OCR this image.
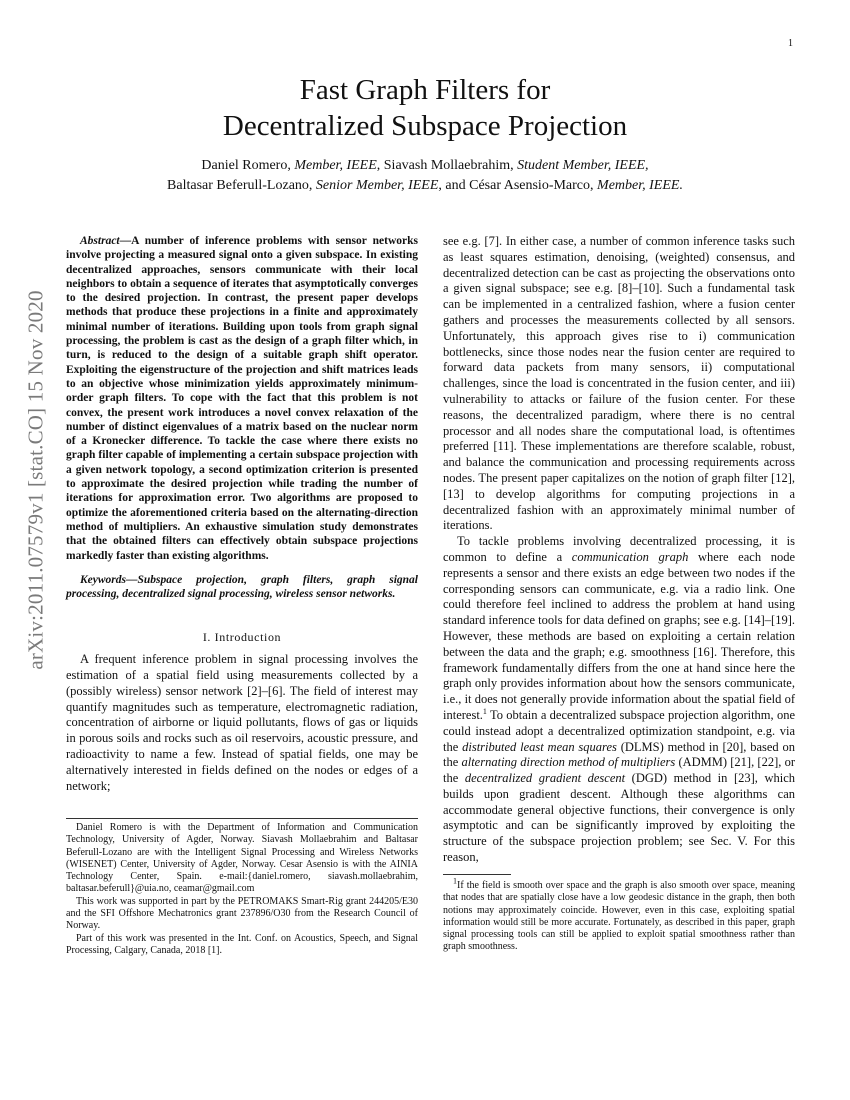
1
Fast Graph Filters for
Decentralized Subspace Projection
Daniel Romero, Member, IEEE, Siavash Mollaebrahim, Student Member, IEEE,
Baltasar Beferull-Lozano, Senior Member, IEEE, and César Asensio-Marco, Member, IEEE.
arXiv:2011.07579v1 [stat.CO] 15 Nov 2020

Abstract—A number of inference problems with sensor networks involve projecting a measured signal onto a given subspace. In existing decentralized approaches, sensors communicate with their local neighbors to obtain a sequence of iterates that asymptotically converges to the desired projection. In contrast, the present paper develops methods that produce these projections in a finite and approximately minimal number of iterations. Building upon tools from graph signal processing, the problem is cast as the design of a graph filter which, in turn, is reduced to the design of a suitable graph shift operator. Exploiting the eigenstructure of the projection and shift matrices leads to an objective whose minimization yields approximately minimum-order graph filters. To cope with the fact that this problem is not convex, the present work introduces a novel convex relaxation of the number of distinct eigenvalues of a matrix based on the nuclear norm of a Kronecker difference. To tackle the case where there exists no graph filter capable of implementing a certain subspace projection with a given network topology, a second optimization criterion is presented to approximate the desired projection while trading the number of iterations for approximation error. Two algorithms are proposed to optimize the aforementioned criteria based on the alternating-direction method of multipliers. An exhaustive simulation study demonstrates that the obtained filters can effectively obtain subspace projections markedly faster than existing algorithms.

Keywords—Subspace projection, graph filters, graph signal processing, decentralized signal processing, wireless sensor networks.

I. Introduction

A frequent inference problem in signal processing involves the estimation of a spatial field using measurements collected by a (possibly wireless) sensor network [2]–[6]. The field of interest may quantify magnitudes such as temperature, electromagnetic radiation, concentration of airborne or liquid pollutants, flows of gas or liquids in porous soils and rocks such as oil reservoirs, acoustic pressure, and radioactivity to name a few. Instead of spatial fields, one may be alternatively interested in fields defined on the nodes or edges of a network;

Daniel Romero is with the Department of Information and Communication Technology, University of Agder, Norway. Siavash Mollaebrahim and Baltasar Beferull-Lozano are with the Intelligent Signal Processing and Wireless Networks (WISENET) Center, University of Agder, Norway. Cesar Asensio is with the AINIA Technology Center, Spain. e-mail:{daniel.romero, siavash.mollaebrahim, baltasar.beferull}@uia.no, ceamar@gmail.com

This work was supported in part by the PETROMAKS Smart-Rig grant 244205/E30 and the SFI Offshore Mechatronics grant 237896/O30 from the Research Council of Norway.

Part of this work was presented in the Int. Conf. on Acoustics, Speech, and Signal Processing, Calgary, Canada, 2018 [1].

see e.g. [7]. In either case, a number of common inference tasks such as least squares estimation, denoising, (weighted) consensus, and decentralized detection can be cast as projecting the observations onto a given signal subspace; see e.g. [8]–[10]. Such a fundamental task can be implemented in a centralized fashion, where a fusion center gathers and processes the measurements collected by all sensors. Unfortunately, this approach gives rise to i) communication bottlenecks, since those nodes near the fusion center are required to forward data packets from many sensors, ii) computational challenges, since the load is concentrated in the fusion center, and iii) vulnerability to attacks or failure of the fusion center. For these reasons, the decentralized paradigm, where there is no central processor and all nodes share the computational load, is oftentimes preferred [11]. These implementations are therefore scalable, robust, and balance the communication and processing requirements across nodes. The present paper capitalizes on the notion of graph filter [12], [13] to develop algorithms for computing projections in a decentralized fashion with an approximately minimal number of iterations.

To tackle problems involving decentralized processing, it is common to define a communication graph where each node represents a sensor and there exists an edge between two nodes if the corresponding sensors can communicate, e.g. via a radio link. One could therefore feel inclined to address the problem at hand using standard inference tools for data defined on graphs; see e.g. [14]–[19]. However, these methods are based on exploiting a certain relation between the data and the graph; e.g. smoothness [16]. Therefore, this framework fundamentally differs from the one at hand since here the graph only provides information about how the sensors communicate, i.e., it does not generally provide information about the spatial field of interest.$^1$ To obtain a decentralized subspace projection algorithm, one could instead adopt a decentralized optimization standpoint, e.g. via the distributed least mean squares (DLMS) method in [20], based on the alternating direction method of multipliers (ADMM) [21], [22], or the decentralized gradient descent (DGD) method in [23], which builds upon gradient descent. Although these algorithms can accommodate general objective functions, their convergence is only asymptotic and can be significantly improved by exploiting the structure of the subspace projection problem; see Sec. V. For this reason,

$^1$If the field is smooth over space and the graph is also smooth over space, meaning that nodes that are spatially close have a low geodesic distance in the graph, then both notions may approximately coincide. However, even in this case, exploiting spatial information would still be more accurate. Fortunately, as described in this paper, graph signal processing tools can still be applied to exploit spatial smoothness rather than graph smoothness.
